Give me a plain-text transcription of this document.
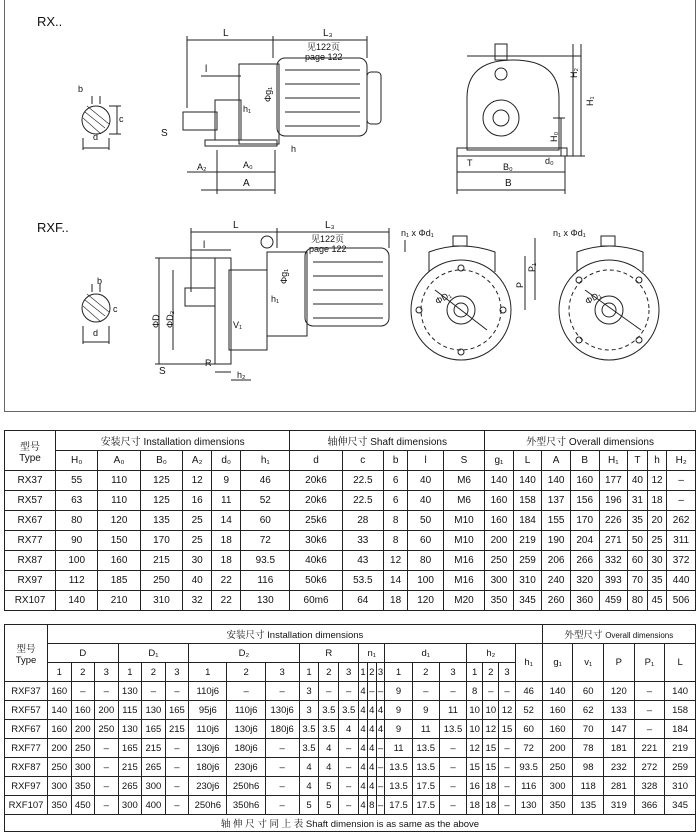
RX..
RXF..
b
c
d
L	L₃
见122页
page 122
l
Φg₁
h₁
S
A₂	A₀
A
h
H₁
H₂
H₀
T	B₀
B
d₀
b
c
d
L	L₃
见122页
page 122
l
Φg₁
h₁
ΦD ΦD₂	V₁
R
S	h₂
n₁ x Φd₁
ΦD₁
P
P₁
n₁ x Φd₁
ΦD₁
型号
Type	安装尺寸 Installation dimensions						轴伸尺寸 Shaft dimensions					外型尺寸 Overall dimensions							
	H₀	A₀	B₀	A₂	d₀	h₁	d	c	b	l	S	g₁	L	A	B	H₁	T	h	H₂
RX37	55	110	125	12	9	46	20k6	22.5	6	40	M6	140	140	140	160	177	40	12	–
RX57	63	110	125	16	11	52	20k6	22.5	6	40	M6	160	158	137	156	196	31	18	–
RX67	80	120	135	25	14	60	25k6	28	8	50	M10	160	184	155	170	226	35	20	262
RX77	90	150	170	25	18	72	30k6	33	8	60	M10	200	219	190	204	271	50	25	311
RX87	100	160	215	30	18	93.5	40k6	43	12	80	M16	250	259	206	266	332	60	30	372
RX97	112	185	250	40	22	116	50k6	53.5	14	100	M16	300	310	240	320	393	70	35	440
RX107	140	210	310	32	22	130	60m6	64	18	120	M20	350	345	260	360	459	80	45	506
型号
Type	安装尺寸 Installation dimensions																						外型尺寸 Overall dimensions				
	D			D₁			D₂			R			n₁			d₁			h₂			h₁	g₁	v₁	P	P₁	L
	1	2	3	1	2	3	1	2	3	1	2	3	1	2	3	1	2	3	1	2	3						
RXF37	160	–	–	130	–	–	110j6	–	–	3	–	–	4	–	–	9	–	–	8	–	–	46	140	60	120	–	140
RXF57	140	160	200	115	130	165	95j6	110j6	130j6	3	3.5	3.5	4	4	4	9	9	11	10	10	12	52	160	62	133	–	158
RXF67	160	200	250	130	165	215	110j6	130j6	180j6	3.5	3.5	4	4	4	4	9	11	13.5	10	12	15	60	160	70	147	–	184
RXF77	200	250	–	165	215	–	130j6	180j6	–	3.5	4	–	4	4	–	11	13.5	–	12	15	–	72	200	78	181	221	219
RXF87	250	300	–	215	265	–	180j6	230j6	–	4	4	–	4	4	–	13.5	13.5	–	15	15	–	93.5	250	98	232	272	259
RXF97	300	350	–	265	300	–	230j6	250h6	–	4	5	–	4	4	–	13.5	17.5	–	16	18	–	116	300	118	281	328	310
RXF107	350	450	–	300	400	–	250h6	350h6	–	5	5	–	4	8	–	17.5	17.5	–	18	18	–	130	350	135	319	366	345
轴 伸 尺 寸 同 上 表 Shaft dimension is as same as the above																											
